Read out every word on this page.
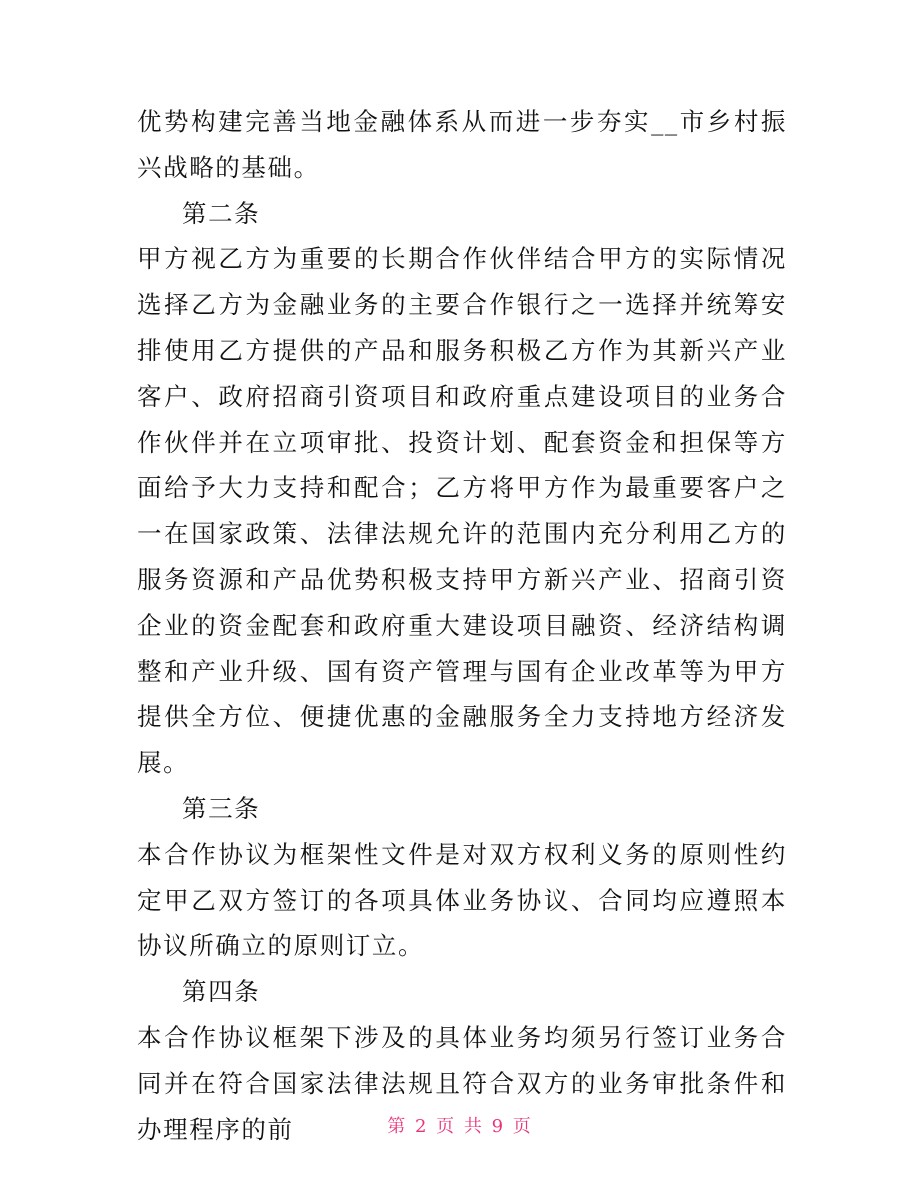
优势构建完善当地金融体系从而进一步夯实__市乡村振兴战略的基础。

第二条

甲方视乙方为重要的长期合作伙伴结合甲方的实际情况选择乙方为金融业务的主要合作银行之一选择并统筹安排使用乙方提供的产品和服务积极乙方作为其新兴产业客户、政府招商引资项目和政府重点建设项目的业务合作伙伴并在立项审批、投资计划、配套资金和担保等方面给予大力支持和配合；乙方将甲方作为最重要客户之一在国家政策、法律法规允许的范围内充分利用乙方的服务资源和产品优势积极支持甲方新兴产业、招商引资企业的资金配套和政府重大建设项目融资、经济结构调整和产业升级、国有资产管理与国有企业改革等为甲方提供全方位、便捷优惠的金融服务全力支持地方经济发展。

第三条

本合作协议为框架性文件是对双方权利义务的原则性约定甲乙双方签订的各项具体业务协议、合同均应遵照本协议所确立的原则订立。

第四条

本合作协议框架下涉及的具体业务均须另行签订业务合同并在符合国家法律法规且符合双方的业务审批条件和办理程序的前	第 2 页 共 9 页
